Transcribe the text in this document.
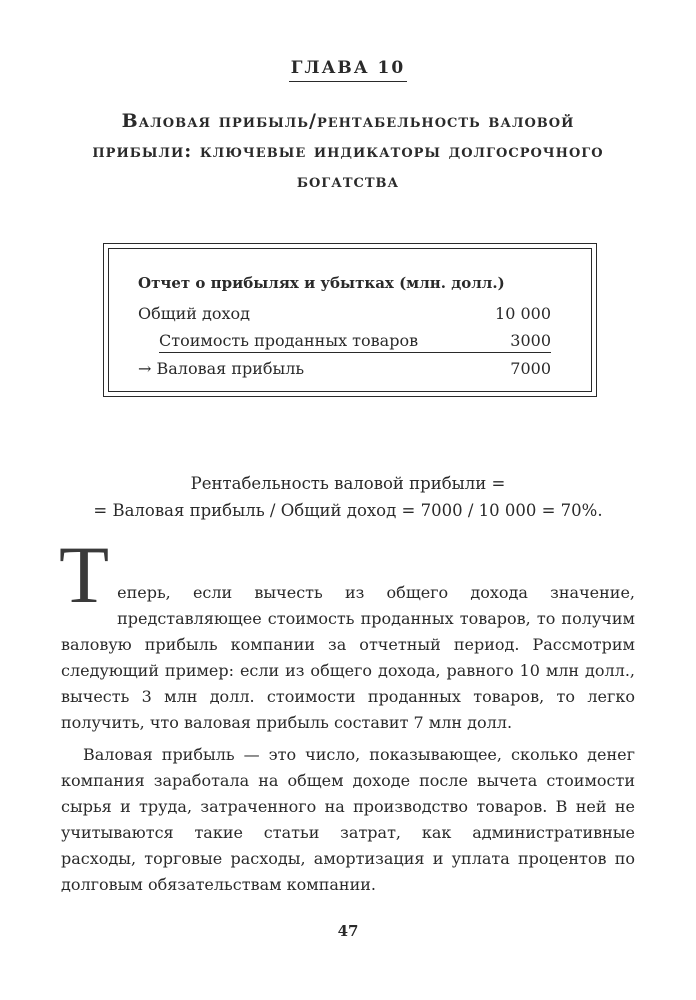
ГЛАВА 10
Валовая прибыль/рентабельность валовой прибыли: ключевые индикаторы долгосрочного богатства
Отчет о прибылях и убытках (млн. долл.)
Общий доход	10 000
Стоимость проданных товаров	3000
→ Валовая прибыль	7000
Рентабельность валовой прибыли =
= Валовая прибыль / Общий доход = 7000 / 10 000 = 70%.
Т еперь, если вычесть из общего дохода значение, представляющее стоимость проданных товаров, то получим валовую прибыль компании за отчетный период. Рассмотрим следующий пример: если из общего дохода, равного 10 млн долл., вычесть 3 млн долл. стоимости проданных товаров, то легко получить, что валовая прибыль составит 7 млн долл.

Валовая прибыль — это число, показывающее, сколько денег компания заработала на общем доходе после вычета стоимости сырья и труда, затраченного на производство товаров. В ней не учитываются такие статьи затрат, как административные расходы, торговые расходы, амортизация и уплата процентов по долговым обязательствам компании.

47
